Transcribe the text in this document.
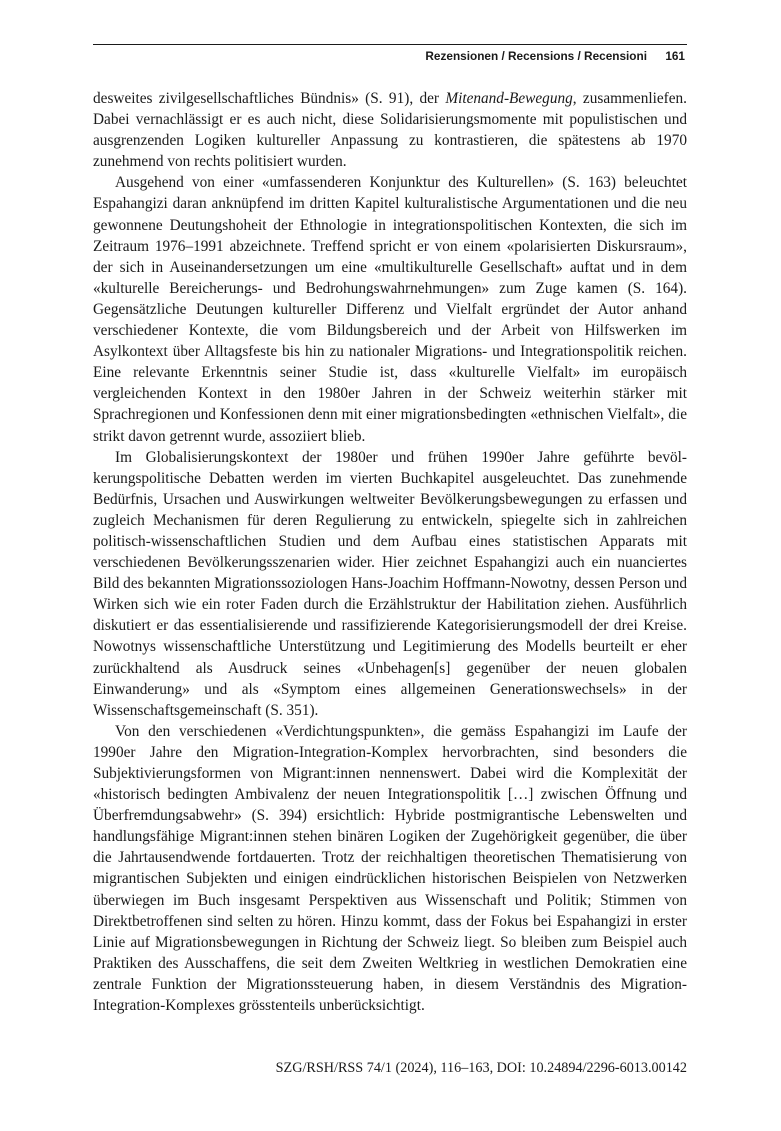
Rezensionen / Recensions / Recensioni 161

desweites zivilgesellschaftliches Bündnis» (S. 91), der Mitenand-Bewegung, zusammenliefen. Dabei vernachlässigt er es auch nicht, diese Solidarisierungsmomente mit populistischen und ausgrenzenden Logiken kultureller Anpassung zu kontrastieren, die spätestens ab 1970 zunehmend von rechts politisiert wurden.

Ausgehend von einer «umfassenderen Konjunktur des Kulturellen» (S. 163) beleuchtet Espahangizi daran anknüpfend im dritten Kapitel kulturalistische Argumentationen und die neu gewonnene Deutungshoheit der Ethnologie in integrationspolitischen Kontexten, die sich im Zeitraum 1976–1991 abzeichnete. Treffend spricht er von einem «polarisierten Diskursraum», der sich in Auseinandersetzungen um eine «multikulturelle Gesellschaft» auftat und in dem «kulturelle Bereicherungs- und Bedrohungswahrnehmungen» zum Zuge kamen (S. 164). Gegensätzliche Deutungen kultureller Differenz und Vielfalt ergründet der Autor anhand verschiedener Kontexte, die vom Bildungsbereich und der Arbeit von Hilfswerken im Asylkontext über Alltagsfeste bis hin zu nationaler Migrations- und Integrationspolitik reichen. Eine relevante Erkenntnis seiner Studie ist, dass «kulturelle Vielfalt» im europäisch vergleichenden Kontext in den 1980er Jahren in der Schweiz weiterhin stärker mit Sprachregionen und Konfessionen denn mit einer migrationsbedingten «ethnischen Vielfalt», die strikt davon getrennt wurde, assoziiert blieb.

Im Globalisierungskontext der 1980er und frühen 1990er Jahre geführte bevölkerungspolitische Debatten werden im vierten Buchkapitel ausgeleuchtet. Das zunehmende Bedürfnis, Ursachen und Auswirkungen weltweiter Bevölkerungsbewegungen zu erfassen und zugleich Mechanismen für deren Regulierung zu entwickeln, spiegelte sich in zahlreichen politisch-wissenschaftlichen Studien und dem Aufbau eines statistischen Apparats mit verschiedenen Bevölkerungsszenarien wider. Hier zeichnet Espahangizi auch ein nuanciertes Bild des bekannten Migrationssoziologen Hans-Joachim Hoffmann-Nowotny, dessen Person und Wirken sich wie ein roter Faden durch die Erzählstruktur der Habilitation ziehen. Ausführlich diskutiert er das essentialisierende und rassifizierende Kategorisierungsmodell der drei Kreise. Nowotnys wissenschaftliche Unterstützung und Legitimierung des Modells beurteilt er eher zurückhaltend als Ausdruck seines «Unbehagen[s] gegenüber der neuen globalen Einwanderung» und als «Symptom eines allgemeinen Generationswechsels» in der Wissenschaftsgemeinschaft (S. 351).

Von den verschiedenen «Verdichtungspunkten», die gemäss Espahangizi im Laufe der 1990er Jahre den Migration-Integration-Komplex hervorbrachten, sind besonders die Subjektivierungsformen von Migrant:innen nennenswert. Dabei wird die Komplexität der «historisch bedingten Ambivalenz der neuen Integrationspolitik […] zwischen Öffnung und Überfremdungsabwehr» (S. 394) ersichtlich: Hybride postmigrantische Lebenswelten und handlungsfähige Migrant:innen stehen binären Logiken der Zugehörigkeit gegenüber, die über die Jahrtausendwende fortdauerten. Trotz der reichhaltigen theoretischen Thematisierung von migrantischen Subjekten und einigen eindrücklichen historischen Beispielen von Netzwerken überwiegen im Buch insgesamt Perspektiven aus Wissenschaft und Politik; Stimmen von Direktbetroffenen sind selten zu hören. Hinzu kommt, dass der Fokus bei Espahangizi in erster Linie auf Migrationsbewegungen in Richtung der Schweiz liegt. So bleiben zum Beispiel auch Praktiken des Ausschaffens, die seit dem Zweiten Weltkrieg in westlichen Demokratien eine zentrale Funktion der Migrationssteuerung haben, in diesem Verständnis des Migration-Integration-Komplexes grösstenteils unberücksichtigt.

SZG/RSH/RSS 74/1 (2024), 116–163, DOI: 10.24894/2296-6013.00142
